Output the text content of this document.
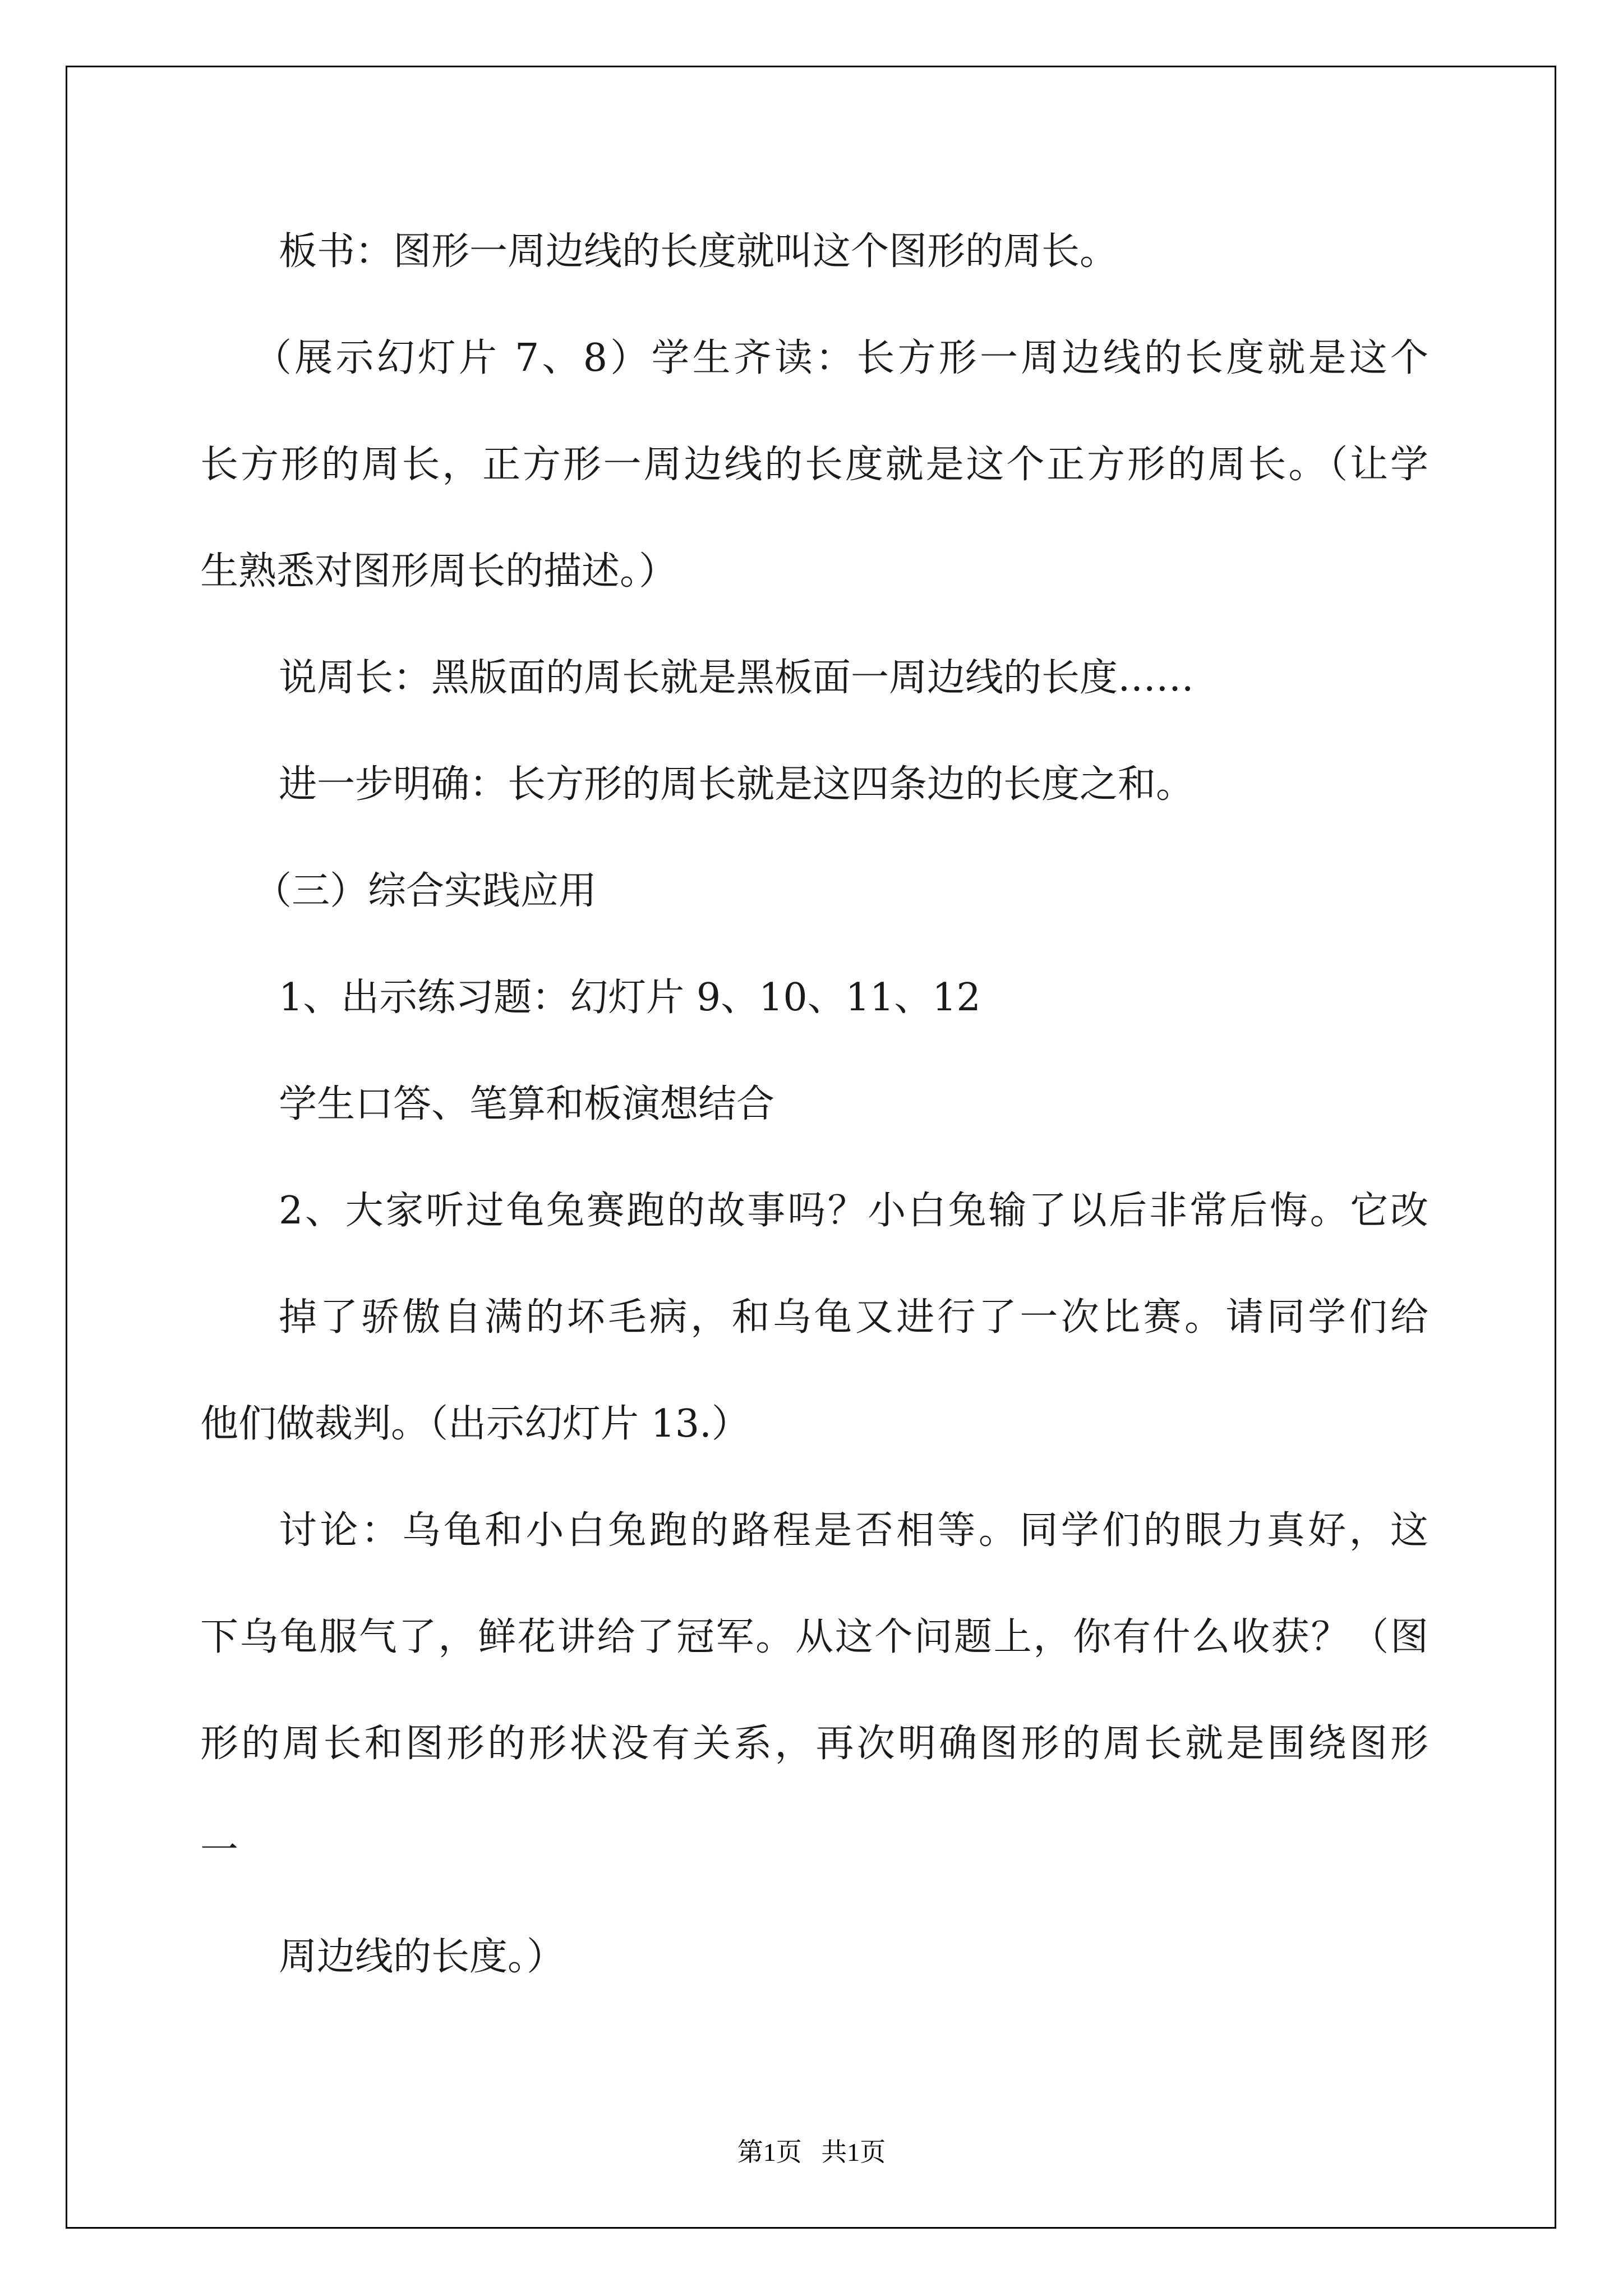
板书：图形一周边线的长度就叫这个图形的周长。
（展示幻灯片 7、8）学生齐读：长方形一周边线的长度就是这个
长方形的周长，正方形一周边线的长度就是这个正方形的周长。（让学
生熟悉对图形周长的描述。）
说周长：黑版面的周长就是黑板面一周边线的长度……
进一步明确：长方形的周长就是这四条边的长度之和。
（三）综合实践应用
1、出示练习题：幻灯片 9、10、11、12
学生口答、笔算和板演想结合
2、大家听过龟兔赛跑的故事吗？小白兔输了以后非常后悔。它改
掉了骄傲自满的坏毛病，和乌龟又进行了一次比赛。请同学们给
他们做裁判。（出示幻灯片 13.）
讨论：乌龟和小白兔跑的路程是否相等。同学们的眼力真好，这
下乌龟服气了，鲜花讲给了冠军。从这个问题上，你有什么收获？（图
形的周长和图形的形状没有关系，再次明确图形的周长就是围绕图形
一
周边线的长度。）
第1页   共1页
